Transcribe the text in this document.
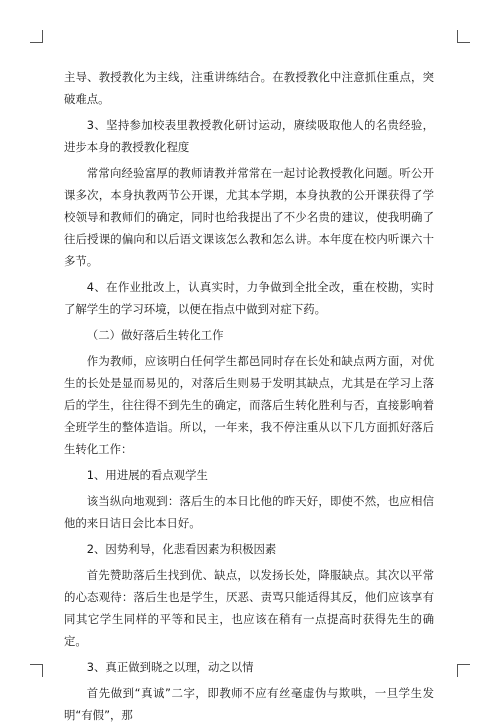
主导、教授教化为主线，注重讲练结合。在教授教化中注意抓住重点，突破难点。

3、坚持参加校表里教授教化研讨运动，赓续吸取他人的名贵经验，进步本身的教授教化程度

常常向经验富厚的教师请教并常常在一起讨论教授教化问题。听公开课多次，本身执教两节公开课，尤其本学期，本身执教的公开课获得了学校领导和教师们的确定，同时也给我提出了不少名贵的建议，使我明确了往后授课的偏向和以后语文课该怎么教和怎么讲。本年度在校内听课六十多节。

4、在作业批改上，认真实时，力争做到全批全改，重在校勘，实时了解学生的学习环境，以便在指点中做到对症下药。

（二）做好落后生转化工作

作为教师，应该明白任何学生都邑同时存在长处和缺点两方面，对优生的长处是显而易见的，对落后生则易于发明其缺点，尤其是在学习上落后的学生，往往得不到先生的确定，而落后生转化胜利与否，直接影响着全班学生的整体造诣。所以，一年来，我不停注重从以下几方面抓好落后生转化工作：

1、用进展的看点观学生

该当纵向地观到：落后生的本日比他的昨天好，即使不然，也应相信他的来日诘日会比本日好。

2、因势利导，化悲看因素为积极因素

首先赞助落后生找到优、缺点，以发扬长处，降服缺点。其次以平常的心态观待：落后生也是学生，厌恶、责骂只能适得其反，他们应该享有同其它学生同样的平等和民主，也应该在稍有一点提高时获得先生的确定。

3、真正做到晓之以理，动之以情

首先做到“真诚”二字，即教师不应有丝毫虚伪与欺哄，一旦学生发明“有假”，那
